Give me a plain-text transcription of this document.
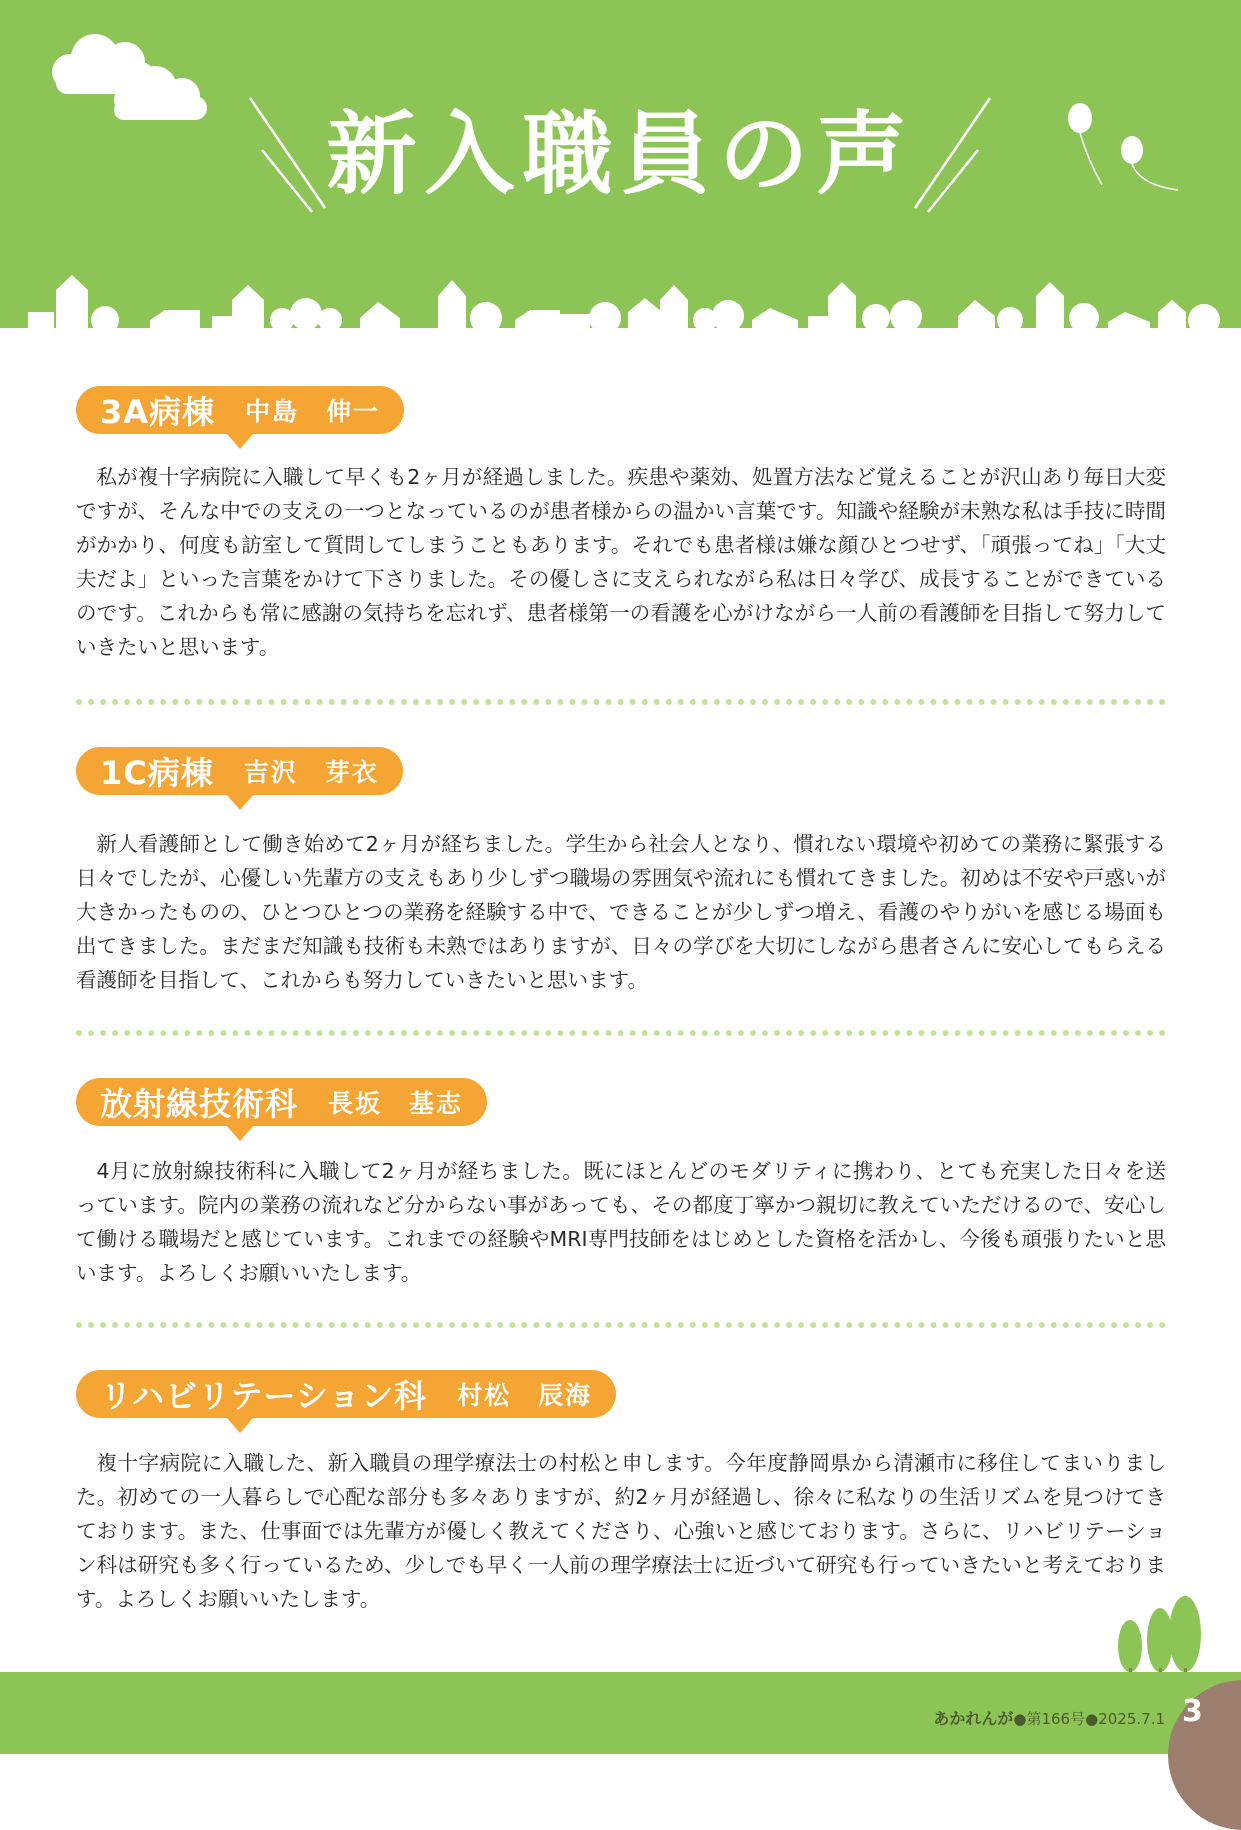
新入職員の声
3A病棟 中島　伸一

私が複十字病院に入職して早くも2ヶ月が経過しました。疾患や薬効、処置方法など覚えることが沢山あり毎日大変ですが、そんな中での支えの一つとなっているのが患者様からの温かい言葉です。知識や経験が未熟な私は手技に時間がかかり、何度も訪室して質問してしまうこともあります。それでも患者様は嫌な顔ひとつせず、「頑張ってね」「大丈夫だよ」といった言葉をかけて下さりました。その優しさに支えられながら私は日々学び、成長することができているのです。これからも常に感謝の気持ちを忘れず、患者様第一の看護を心がけながら一人前の看護師を目指して努力していきたいと思います。

1C病棟 吉沢　芽衣

新人看護師として働き始めて2ヶ月が経ちました。学生から社会人となり、慣れない環境や初めての業務に緊張する日々でしたが、心優しい先輩方の支えもあり少しずつ職場の雰囲気や流れにも慣れてきました。初めは不安や戸惑いが大きかったものの、ひとつひとつの業務を経験する中で、できることが少しずつ増え、看護のやりがいを感じる場面も出てきました。まだまだ知識も技術も未熟ではありますが、日々の学びを大切にしながら患者さんに安心してもらえる看護師を目指して、これからも努力していきたいと思います。

放射線技術科 長坂　基志

4月に放射線技術科に入職して2ヶ月が経ちました。既にほとんどのモダリティに携わり、とても充実した日々を送っています。院内の業務の流れなど分からない事があっても、その都度丁寧かつ親切に教えていただけるので、安心して働ける職場だと感じています。これまでの経験やMRI専門技師をはじめとした資格を活かし、今後も頑張りたいと思います。よろしくお願いいたします。

リハビリテーション科 村松　辰海

複十字病院に入職した、新入職員の理学療法士の村松と申します。今年度静岡県から清瀬市に移住してまいりました。初めての一人暮らしで心配な部分も多々ありますが、約2ヶ月が経過し、徐々に私なりの生活リズムを見つけてきております。また、仕事面では先輩方が優しく教えてくださり、心強いと感じております。さらに、リハビリテーション科は研究も多く行っているため、少しでも早く一人前の理学療法士に近づいて研究も行っていきたいと考えております。よろしくお願いいたします。

あかれんが●第166号●2025.7.1 3
